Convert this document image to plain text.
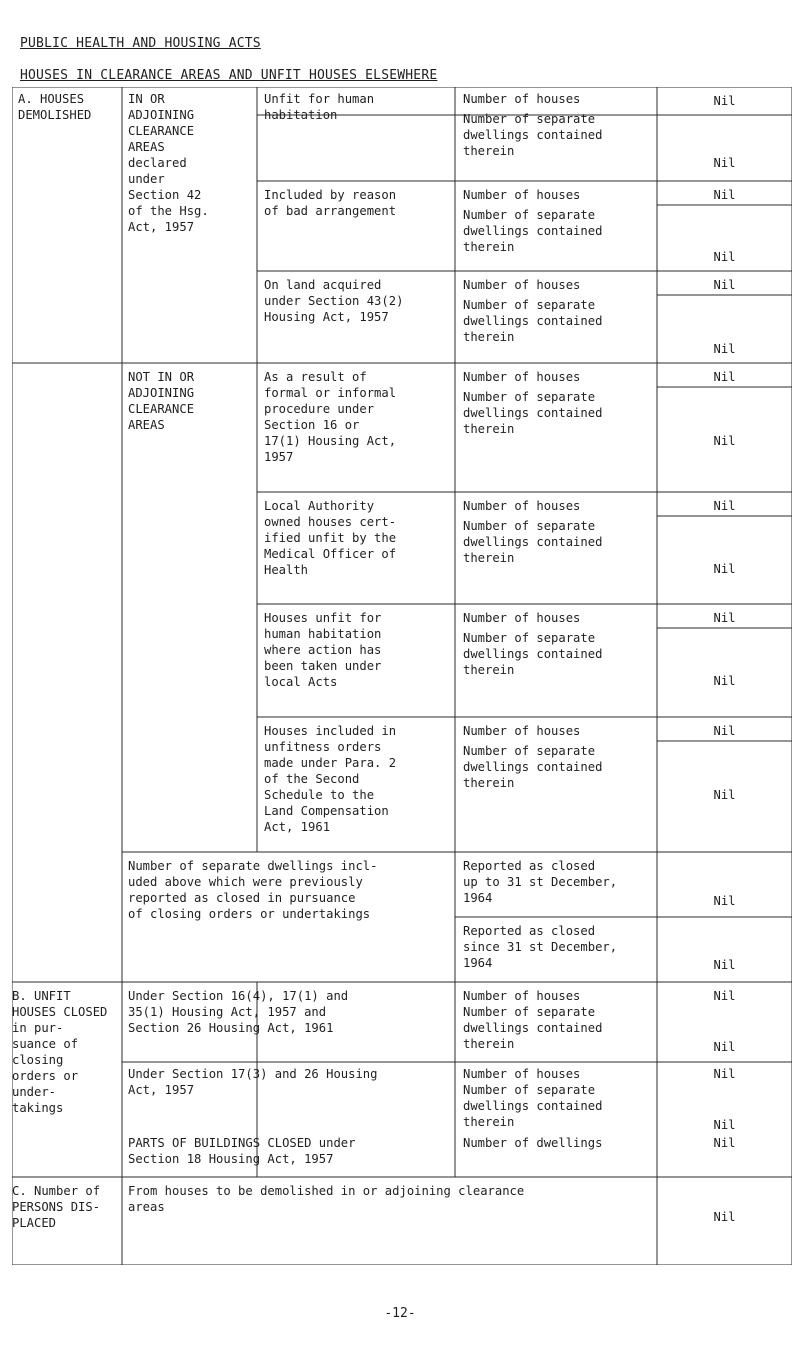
PUBLIC HEALTH AND HOUSING ACTS
HOUSES IN CLEARANCE AREAS AND UNFIT HOUSES ELSEWHERE
A. HOUSES
DEMOLISHED
IN OR
ADJOINING
CLEARANCE
AREAS
declared
under
Section 42
of the Hsg.
Act, 1957
Unfit for human
habitation
Number of houses
Number of separate
dwellings contained
therein
Nil
Nil
Included by reason
of bad arrangement
Number of houses
Number of separate
dwellings contained
therein
Nil
Nil
On land acquired
under Section 43(2)
Housing Act, 1957
Number of houses
Number of separate
dwellings contained
therein
Nil
Nil
NOT IN OR
ADJOINING
CLEARANCE
AREAS
As a result of
formal or informal
procedure under
Section 16 or
17(1) Housing Act,
1957
Number of houses
Number of separate
dwellings contained
therein
Nil
Nil
Local Authority
owned houses cert-
ified unfit by the
Medical Officer of
Health
Number of houses
Number of separate
dwellings contained
therein
Nil
Nil
Houses unfit for
human habitation
where action has
been taken under
local Acts
Number of houses
Number of separate
dwellings contained
therein
Nil
Nil
Houses included in
unfitness orders
made under Para. 2
of the Second
Schedule to the
Land Compensation
Act, 1961
Number of houses
Number of separate
dwellings contained
therein
Nil
Nil
Number of separate dwellings incl-
uded above which were previously
reported as closed in pursuance
of closing orders or undertakings
Reported as closed
up to 31 st December,
1964
Reported as closed
since 31 st December,
1964
Nil
Nil
B. UNFIT
HOUSES CLOSED
in pur-
suance of
closing
orders or
under-
takings
Under Section 16(4), 17(1) and
35(1) Housing Act, 1957 and
Section 26 Housing Act, 1961
Number of houses
Number of separate
dwellings contained
therein
Nil
Nil
Under Section 17(3) and 26 Housing
Act, 1957
Number of houses
Number of separate
dwellings contained
therein
Nil
Nil
PARTS OF BUILDINGS CLOSED under
Section 18 Housing Act, 1957
Number of dwellings	Nil
C. Number of
PERSONS DIS-
PLACED
From houses to be demolished in or adjoining clearance
areas
Nil
-12-
